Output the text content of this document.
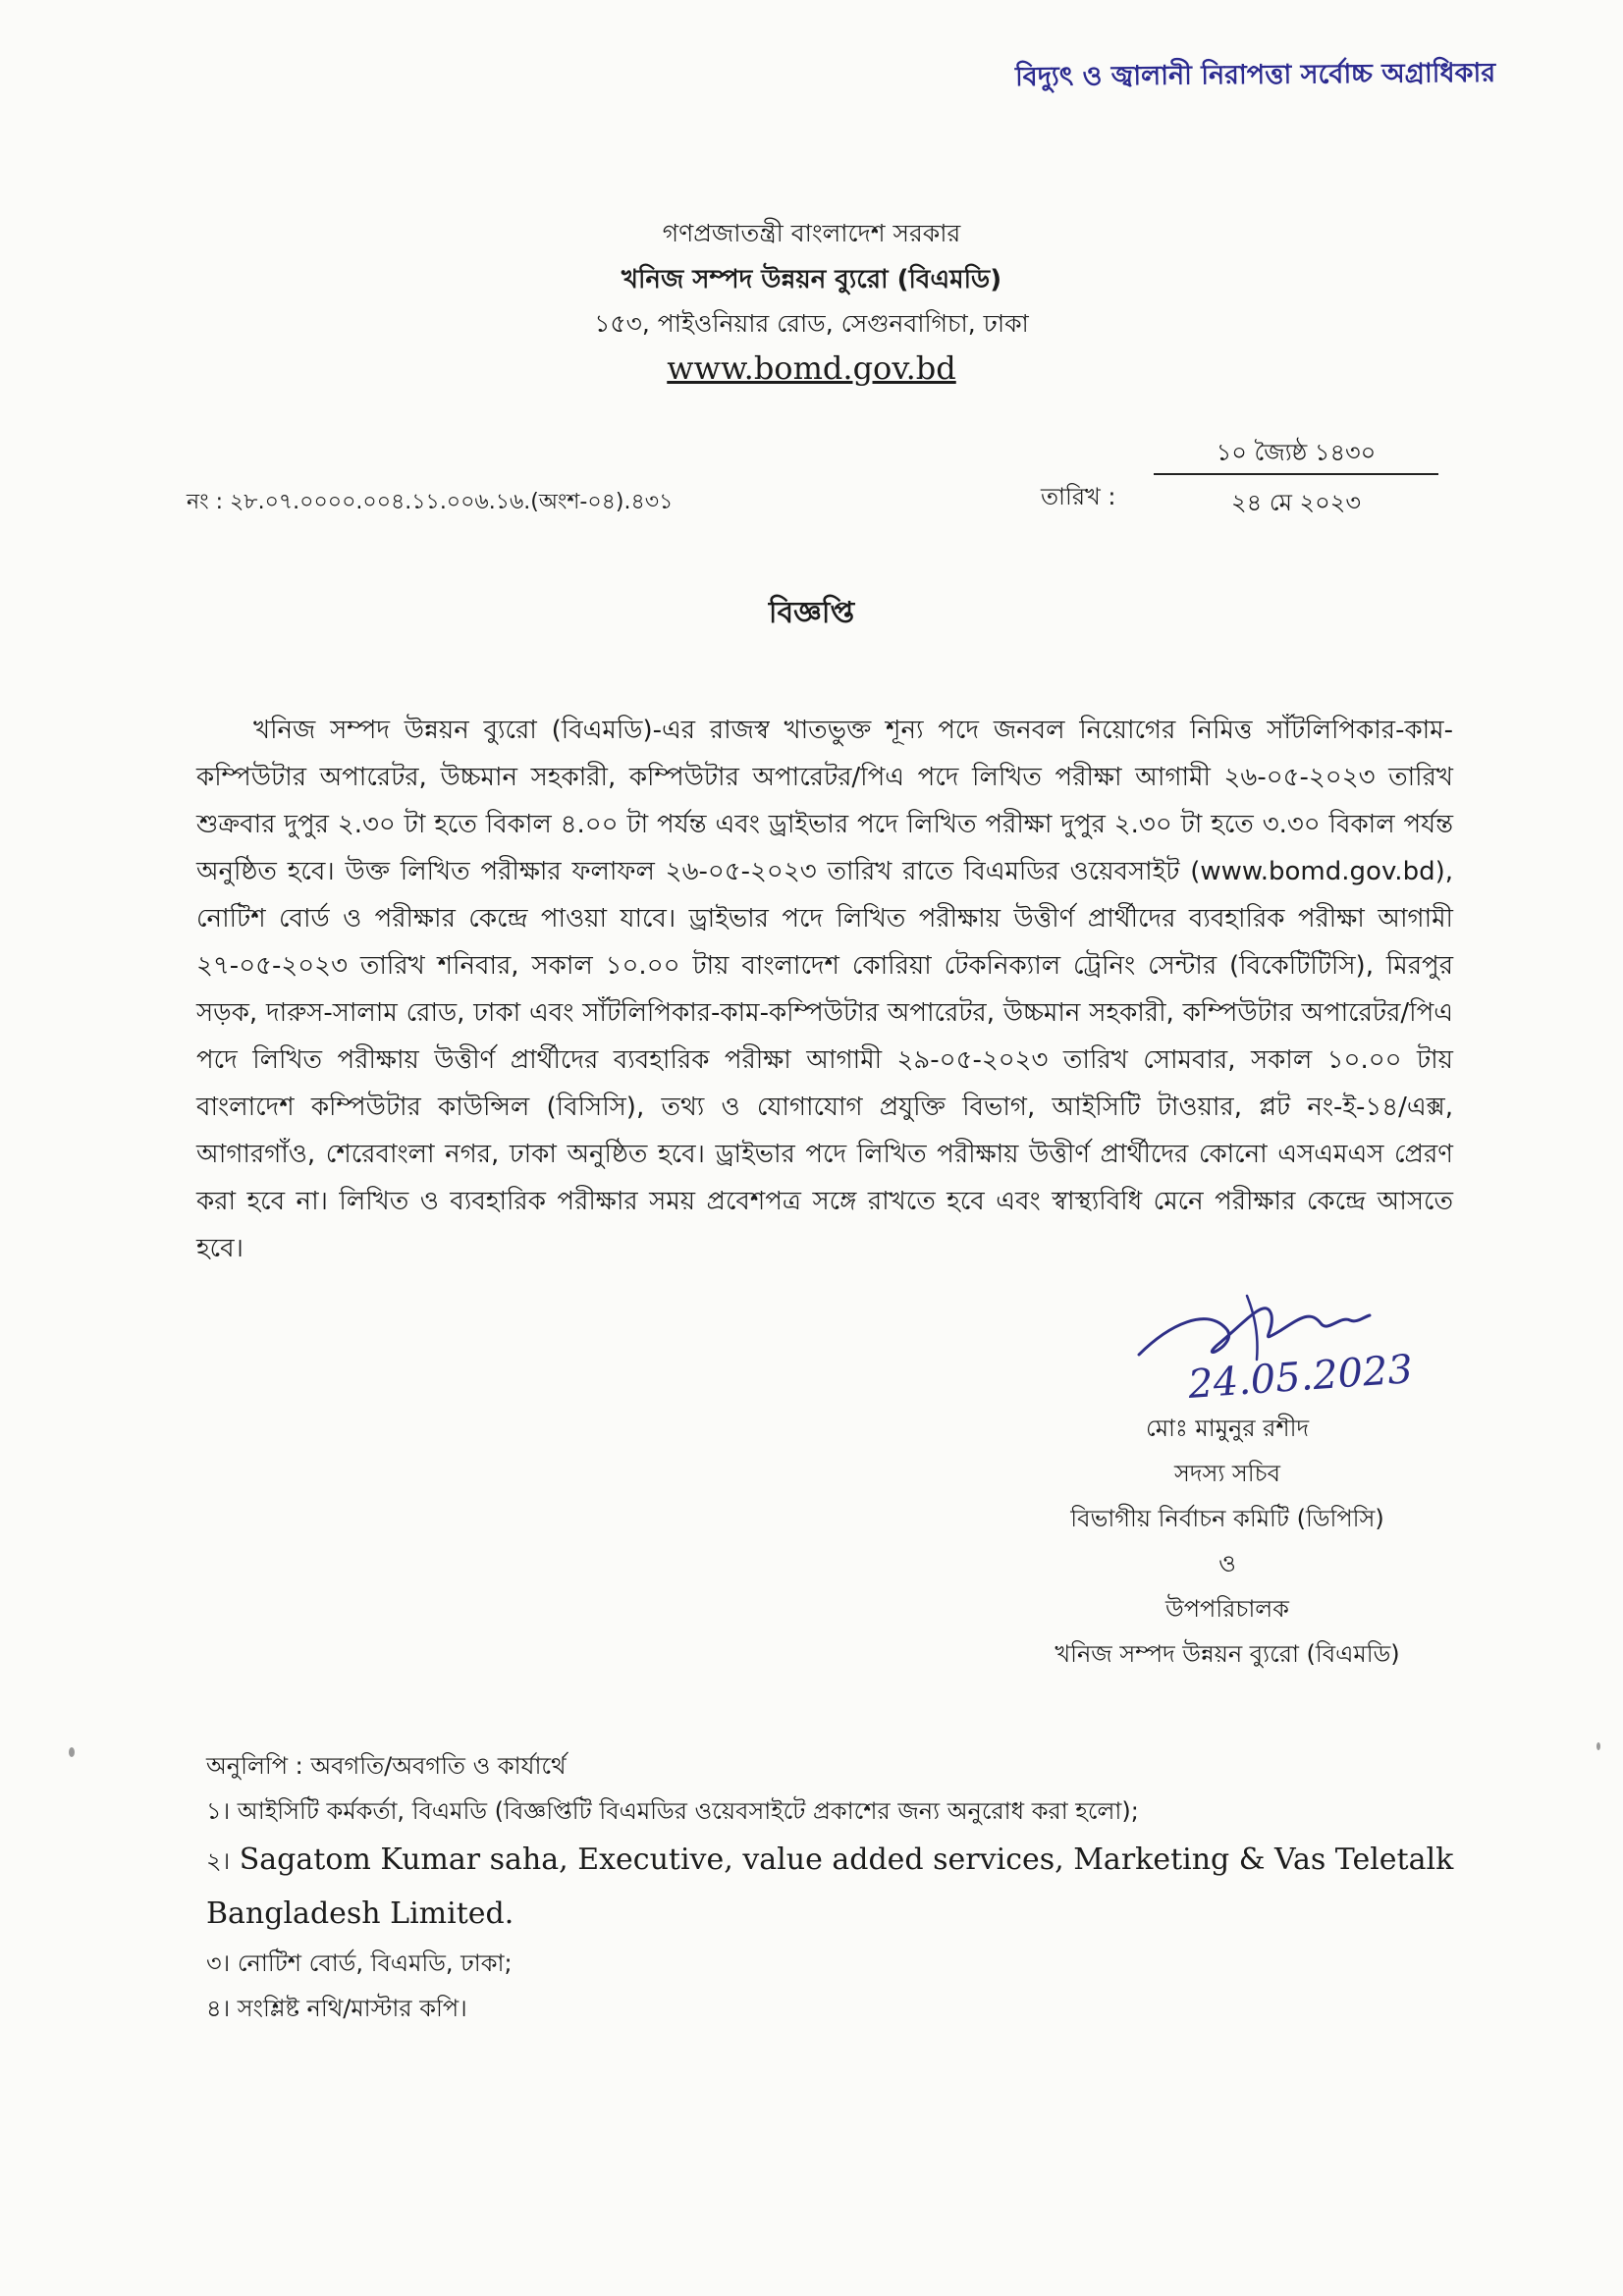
বিদ্যুৎ ও জ্বালানী নিরাপত্তা সর্বোচ্চ অগ্রাধিকার
গণপ্রজাতন্ত্রী বাংলাদেশ সরকার
খনিজ সম্পদ উন্নয়ন ব্যুরো (বিএমডি)
১৫৩, পাইওনিয়ার রোড, সেগুনবাগিচা, ঢাকা
www.bomd.gov.bd
নং : ২৮.০৭.০০০০.০০৪.১১.০০৬.১৬.(অংশ-০৪).৪৩১	তারিখ :
১০ জ্যৈষ্ঠ ১৪৩০
২৪ মে ২০২৩
বিজ্ঞপ্তি
খনিজ সম্পদ উন্নয়ন ব্যুরো (বিএমডি)-এর রাজস্ব খাতভুক্ত শূন্য পদে জনবল নিয়োগের নিমিত্ত সাঁটলিপিকার-কাম-কম্পিউটার অপারেটর, উচ্চমান সহকারী, কম্পিউটার অপারেটর/পিএ পদে লিখিত পরীক্ষা আগামী ২৬-০৫-২০২৩ তারিখ শুক্রবার দুপুর ২.৩০ টা হতে বিকাল ৪.০০ টা পর্যন্ত এবং ড্রাইভার পদে লিখিত পরীক্ষা দুপুর ২.৩০ টা হতে ৩.৩০ বিকাল পর্যন্ত অনুষ্ঠিত হবে। উক্ত লিখিত পরীক্ষার ফলাফল ২৬-০৫-২০২৩ তারিখ রাতে বিএমডির ওয়েবসাইট (www.bomd.gov.bd), নোটিশ বোর্ড ও পরীক্ষার কেন্দ্রে পাওয়া যাবে। ড্রাইভার পদে লিখিত পরীক্ষায় উত্তীর্ণ প্রার্থীদের ব্যবহারিক পরীক্ষা আগামী ২৭-০৫-২০২৩ তারিখ শনিবার, সকাল ১০.০০ টায় বাংলাদেশ কোরিয়া টেকনিক্যাল ট্রেনিং সেন্টার (বিকেটিটিসি), মিরপুর সড়ক, দারুস-সালাম রোড, ঢাকা এবং সাঁটলিপিকার-কাম-কম্পিউটার অপারেটর, উচ্চমান সহকারী, কম্পিউটার অপারেটর/পিএ পদে লিখিত পরীক্ষায় উত্তীর্ণ প্রার্থীদের ব্যবহারিক পরীক্ষা আগামী ২৯-০৫-২০২৩ তারিখ সোমবার, সকাল ১০.০০ টায় বাংলাদেশ কম্পিউটার কাউন্সিল (বিসিসি), তথ্য ও যোগাযোগ প্রযুক্তি বিভাগ, আইসিটি টাওয়ার, প্লট নং-ই-১৪/এক্স, আগারগাঁও, শেরেবাংলা নগর, ঢাকা অনুষ্ঠিত হবে। ড্রাইভার পদে লিখিত পরীক্ষায় উত্তীর্ণ প্রার্থীদের কোনো এসএমএস প্রেরণ করা হবে না। লিখিত ও ব্যবহারিক পরীক্ষার সময় প্রবেশপত্র সঙ্গে রাখতে হবে এবং স্বাস্থ্যবিধি মেনে পরীক্ষার কেন্দ্রে আসতে হবে।
24.05.2023
মোঃ মামুনুর রশীদ
সদস্য সচিব
বিভাগীয় নির্বাচন কমিটি (ডিপিসি)
ও
উপপরিচালক
খনিজ সম্পদ উন্নয়ন ব্যুরো (বিএমডি)
অনুলিপি : অবগতি/অবগতি ও কার্যার্থে
১। আইসিটি কর্মকর্তা, বিএমডি (বিজ্ঞপ্তিটি বিএমডির ওয়েবসাইটে প্রকাশের জন্য অনুরোধ করা হলো);
২। Sagatom Kumar saha, Executive, value added services, Marketing & Vas Teletalk Bangladesh Limited.
৩। নোটিশ বোর্ড, বিএমডি, ঢাকা;
৪। সংশ্লিষ্ট নথি/মাস্টার কপি।
